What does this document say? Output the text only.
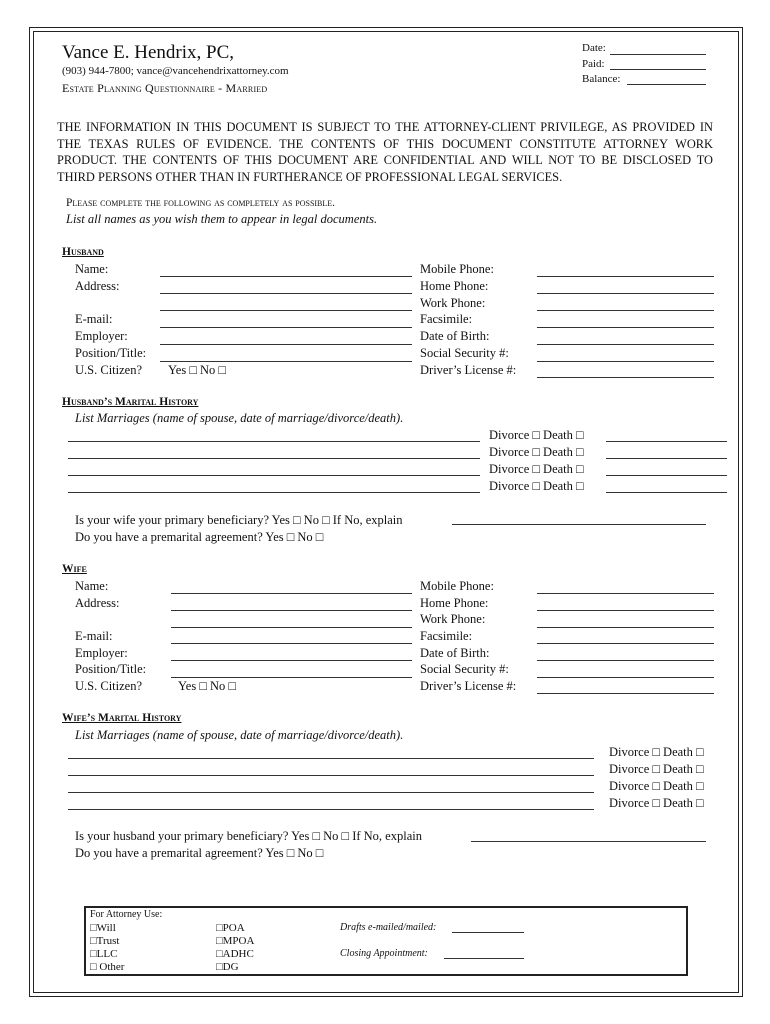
Vance E. Hendrix, PC,
(903) 944-7800; vance@vancehendrixattorney.com
Estate Planning Questionnaire - Married
Date:
Paid:
Balance:
THE INFORMATION IN THIS DOCUMENT IS SUBJECT TO THE ATTORNEY-CLIENT PRIVILEGE, AS PROVIDED IN THE TEXAS RULES OF EVIDENCE. THE CONTENTS OF THIS DOCUMENT CONSTITUTE ATTORNEY WORK PRODUCT. THE CONTENTS OF THIS DOCUMENT ARE CONFIDENTIAL AND WILL NOT TO BE DISCLOSED TO THIRD PERSONS OTHER THAN IN FURTHERANCE OF PROFESSIONAL LEGAL SERVICES.
Please complete the following as completely as possible.
List all names as you wish them to appear in legal documents.
Husband
Name:
Address:
E-mail:
Employer:
Position/Title:
U.S. Citizen? Yes □ No □
Mobile Phone:
Home Phone:
Work Phone:
Facsimile:
Date of Birth:
Social Security #:
Driver’s License #:
Husband’s Marital History
List Marriages (name of spouse, date of marriage/divorce/death).
Divorce □ Death □
Divorce □ Death □
Divorce □ Death □
Divorce □ Death □
Is your wife your primary beneficiary? Yes □ No □ If No, explain
Do you have a premarital agreement? Yes □ No □
Wife
Name:
Address:
E-mail:
Employer:
Position/Title:
U.S. Citizen?	Yes □ No □
Mobile Phone:
Home Phone:
Work Phone:
Facsimile:
Date of Birth:
Social Security #:
Driver’s License #:
Wife’s Marital History
List Marriages (name of spouse, date of marriage/divorce/death).
Divorce □ Death □
Divorce □ Death □
Divorce □ Death □
Divorce □ Death □
Is your husband your primary beneficiary? Yes □ No □ If No, explain
Do you have a premarital agreement? Yes □ No □
For Attorney Use:
□Will
□Trust
□LLC
□ Other
□POA
□MPOA
□ADHC
□DG
Drafts e-mailed/mailed:
Closing Appointment:
